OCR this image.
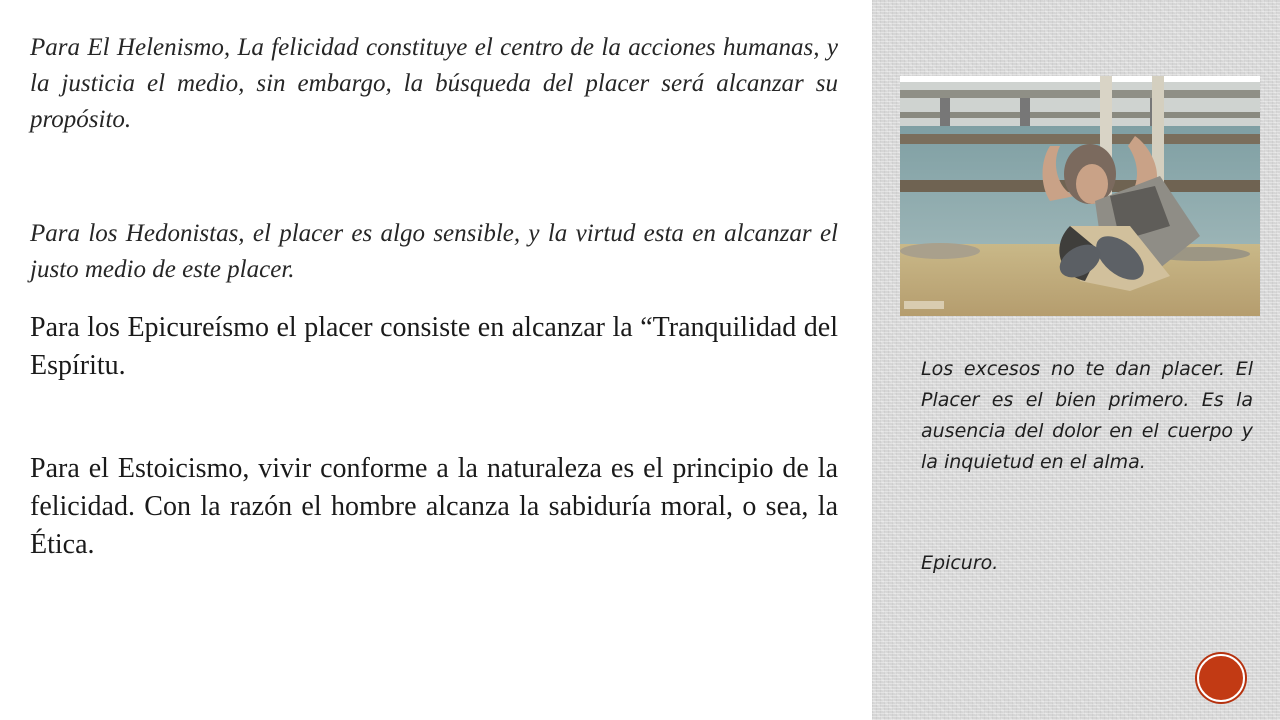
Para El Helenismo, La felicidad constituye el centro de la acciones humanas, y la justicia el medio, sin embargo, la búsqueda del placer será alcanzar su propósito.

Para los Hedonistas, el placer es algo sensible, y la virtud esta en alcanzar el justo medio de este placer.

Para los Epicureísmo el placer consiste en alcanzar la “Tranquilidad del Espíritu.

Para el Estoicismo, vivir conforme a la naturaleza es el principio de la felicidad. Con la razón el hombre alcanza la sabiduría moral, o sea, la Ética.

Los excesos no te dan placer. El Placer es el bien primero. Es la ausencia del dolor en el cuerpo y la inquietud en el alma.

Epicuro.
